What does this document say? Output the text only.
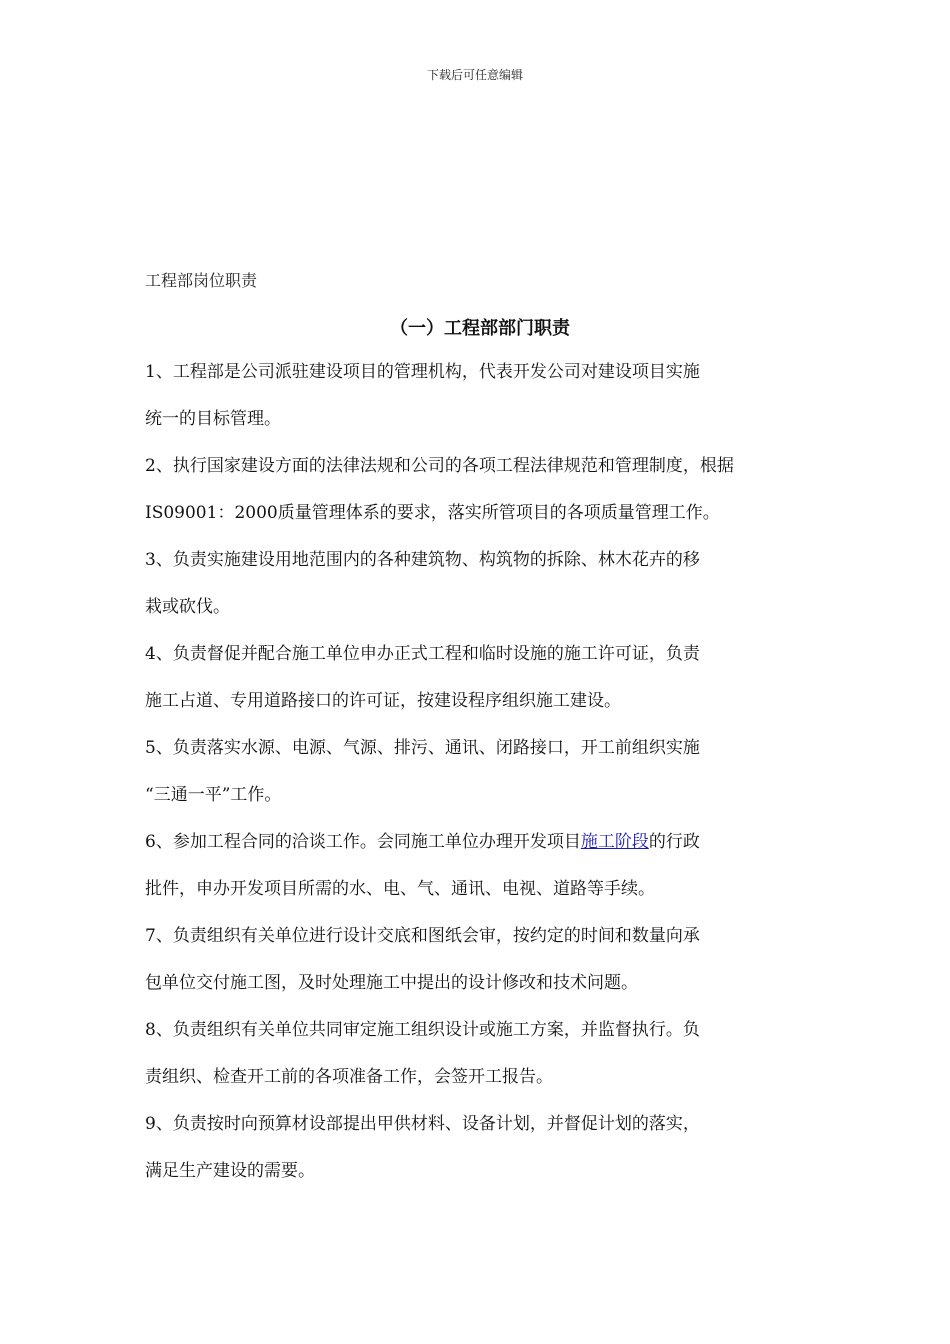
下载后可任意编辑
工程部岗位职责
（一）工程部部门职责
1、工程部是公司派驻建设项目的管理机构，代表开发公司对建设项目实施
统一的目标管理。
2、执行国家建设方面的法律法规和公司的各项工程法律规范和管理制度，根据
IS09001：2000质量管理体系的要求，落实所管项目的各项质量管理工作。
3、负责实施建设用地范围内的各种建筑物、构筑物的拆除、林木花卉的移
栽或砍伐。
4、负责督促并配合施工单位申办正式工程和临时设施的施工许可证，负责
施工占道、专用道路接口的许可证，按建设程序组织施工建设。
5、负责落实水源、电源、气源、排污、通讯、闭路接口，开工前组织实施
“三通一平”工作。
6、参加工程合同的洽谈工作。会同施工单位办理开发项目施工阶段的行政
批件，申办开发项目所需的水、电、气、通讯、电视、道路等手续。
7、负责组织有关单位进行设计交底和图纸会审，按约定的时间和数量向承
包单位交付施工图，及时处理施工中提出的设计修改和技术问题。
8、负责组织有关单位共同审定施工组织设计或施工方案，并监督执行。负
责组织、检查开工前的各项准备工作，会签开工报告。
9、负责按时向预算材设部提出甲供材料、设备计划，并督促计划的落实，
满足生产建设的需要。
